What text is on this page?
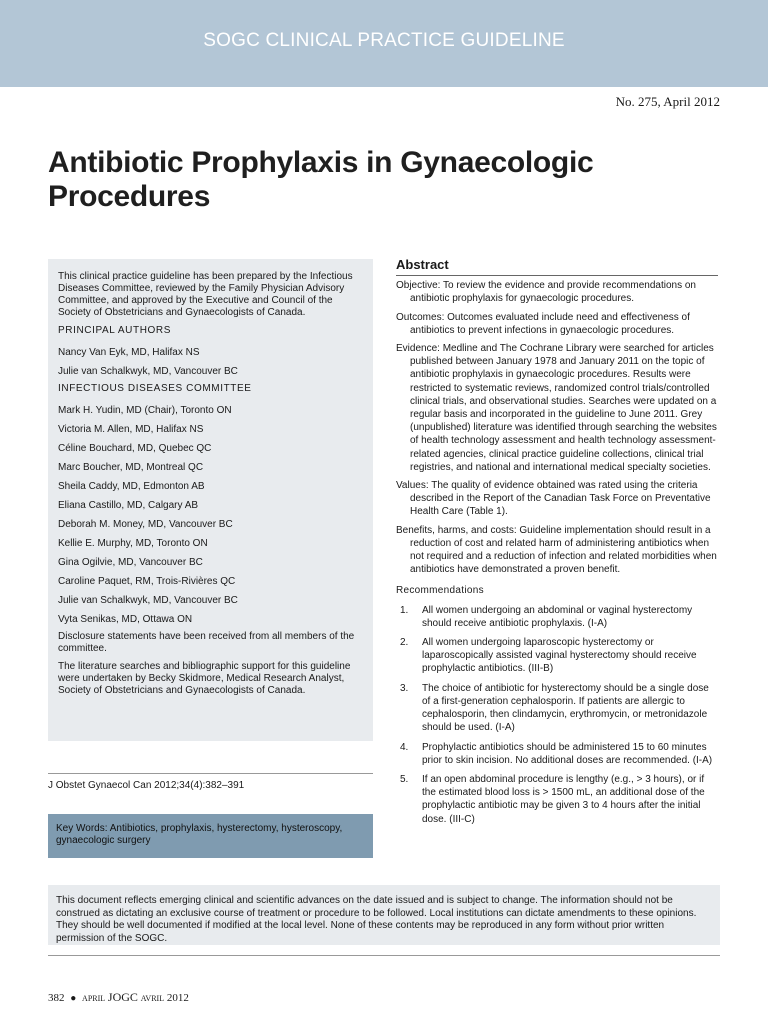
SOGC CLINICAL PRACTICE GUIDELINE
No. 275, April 2012
Antibiotic Prophylaxis in Gynaecologic Procedures

This clinical practice guideline has been prepared by the Infectious Diseases Committee, reviewed by the Family Physician Advisory Committee, and approved by the Executive and Council of the Society of Obstetricians and Gynaecologists of Canada.

PRINCIPAL AUTHORS

Nancy Van Eyk, MD, Halifax NS
Julie van Schalkwyk, MD, Vancouver BC

INFECTIOUS DISEASES COMMITTEE

Mark H. Yudin, MD (Chair), Toronto ON
Victoria M. Allen, MD, Halifax NS
Céline Bouchard, MD, Quebec QC
Marc Boucher, MD, Montreal QC
Sheila Caddy, MD, Edmonton AB
Eliana Castillo, MD, Calgary AB
Deborah M. Money, MD, Vancouver BC
Kellie E. Murphy, MD, Toronto ON
Gina Ogilvie, MD, Vancouver BC
Caroline Paquet, RM, Trois-Rivières QC
Julie van Schalkwyk, MD, Vancouver BC
Vyta Senikas, MD, Ottawa ON

Disclosure statements have been received from all members of the committee.

The literature searches and bibliographic support for this guideline were undertaken by Becky Skidmore, Medical Research Analyst, Society of Obstetricians and Gynaecologists of Canada.

J Obstet Gynaecol Can 2012;34(4):382–391
Key Words: Antibiotics, prophylaxis, hysterectomy, hysteroscopy, gynaecologic surgery
Abstract

Objective: To review the evidence and provide recommendations on antibiotic prophylaxis for gynaecologic procedures.

Outcomes: Outcomes evaluated include need and effectiveness of antibiotics to prevent infections in gynaecologic procedures.

Evidence: Medline and The Cochrane Library were searched for articles published between January 1978 and January 2011 on the topic of antibiotic prophylaxis in gynaecologic procedures. Results were restricted to systematic reviews, randomized control trials/controlled clinical trials, and observational studies. Searches were updated on a regular basis and incorporated in the guideline to June 2011. Grey (unpublished) literature was identified through searching the websites of health technology assessment and health technology assessment-related agencies, clinical practice guideline collections, clinical trial registries, and national and international medical specialty societies.

Values: The quality of evidence obtained was rated using the criteria described in the Report of the Canadian Task Force on Preventative Health Care (Table 1).

Benefits, harms, and costs: Guideline implementation should result in a reduction of cost and related harm of administering antibiotics when not required and a reduction of infection and related morbidities when antibiotics have demonstrated a proven benefit.

Recommendations
1.	All women undergoing an abdominal or vaginal hysterectomy should receive antibiotic prophylaxis. (I-A)
2.	All women undergoing laparoscopic hysterectomy or laparoscopically assisted vaginal hysterectomy should receive prophylactic antibiotics. (III-B)
3.	The choice of antibiotic for hysterectomy should be a single dose of a first-generation cephalosporin. If patients are allergic to cephalosporin, then clindamycin, erythromycin, or metronidazole should be used. (I-A)
4.	Prophylactic antibiotics should be administered 15 to 60 minutes prior to skin incision. No additional doses are recommended. (I-A)
5.	If an open abdominal procedure is lengthy (e.g., > 3 hours), or if the estimated blood loss is > 1500 mL, an additional dose of the prophylactic antibiotic may be given 3 to 4 hours after the initial dose. (III-C)
This document reflects emerging clinical and scientific advances on the date issued and is subject to change. The information should not be construed as dictating an exclusive course of treatment or procedure to be followed. Local institutions can dictate amendments to these opinions. They should be well documented if modified at the local level. None of these contents may be reproduced in any form without prior written permission of the SOGC.
382 ● april JOGC avril 2012
